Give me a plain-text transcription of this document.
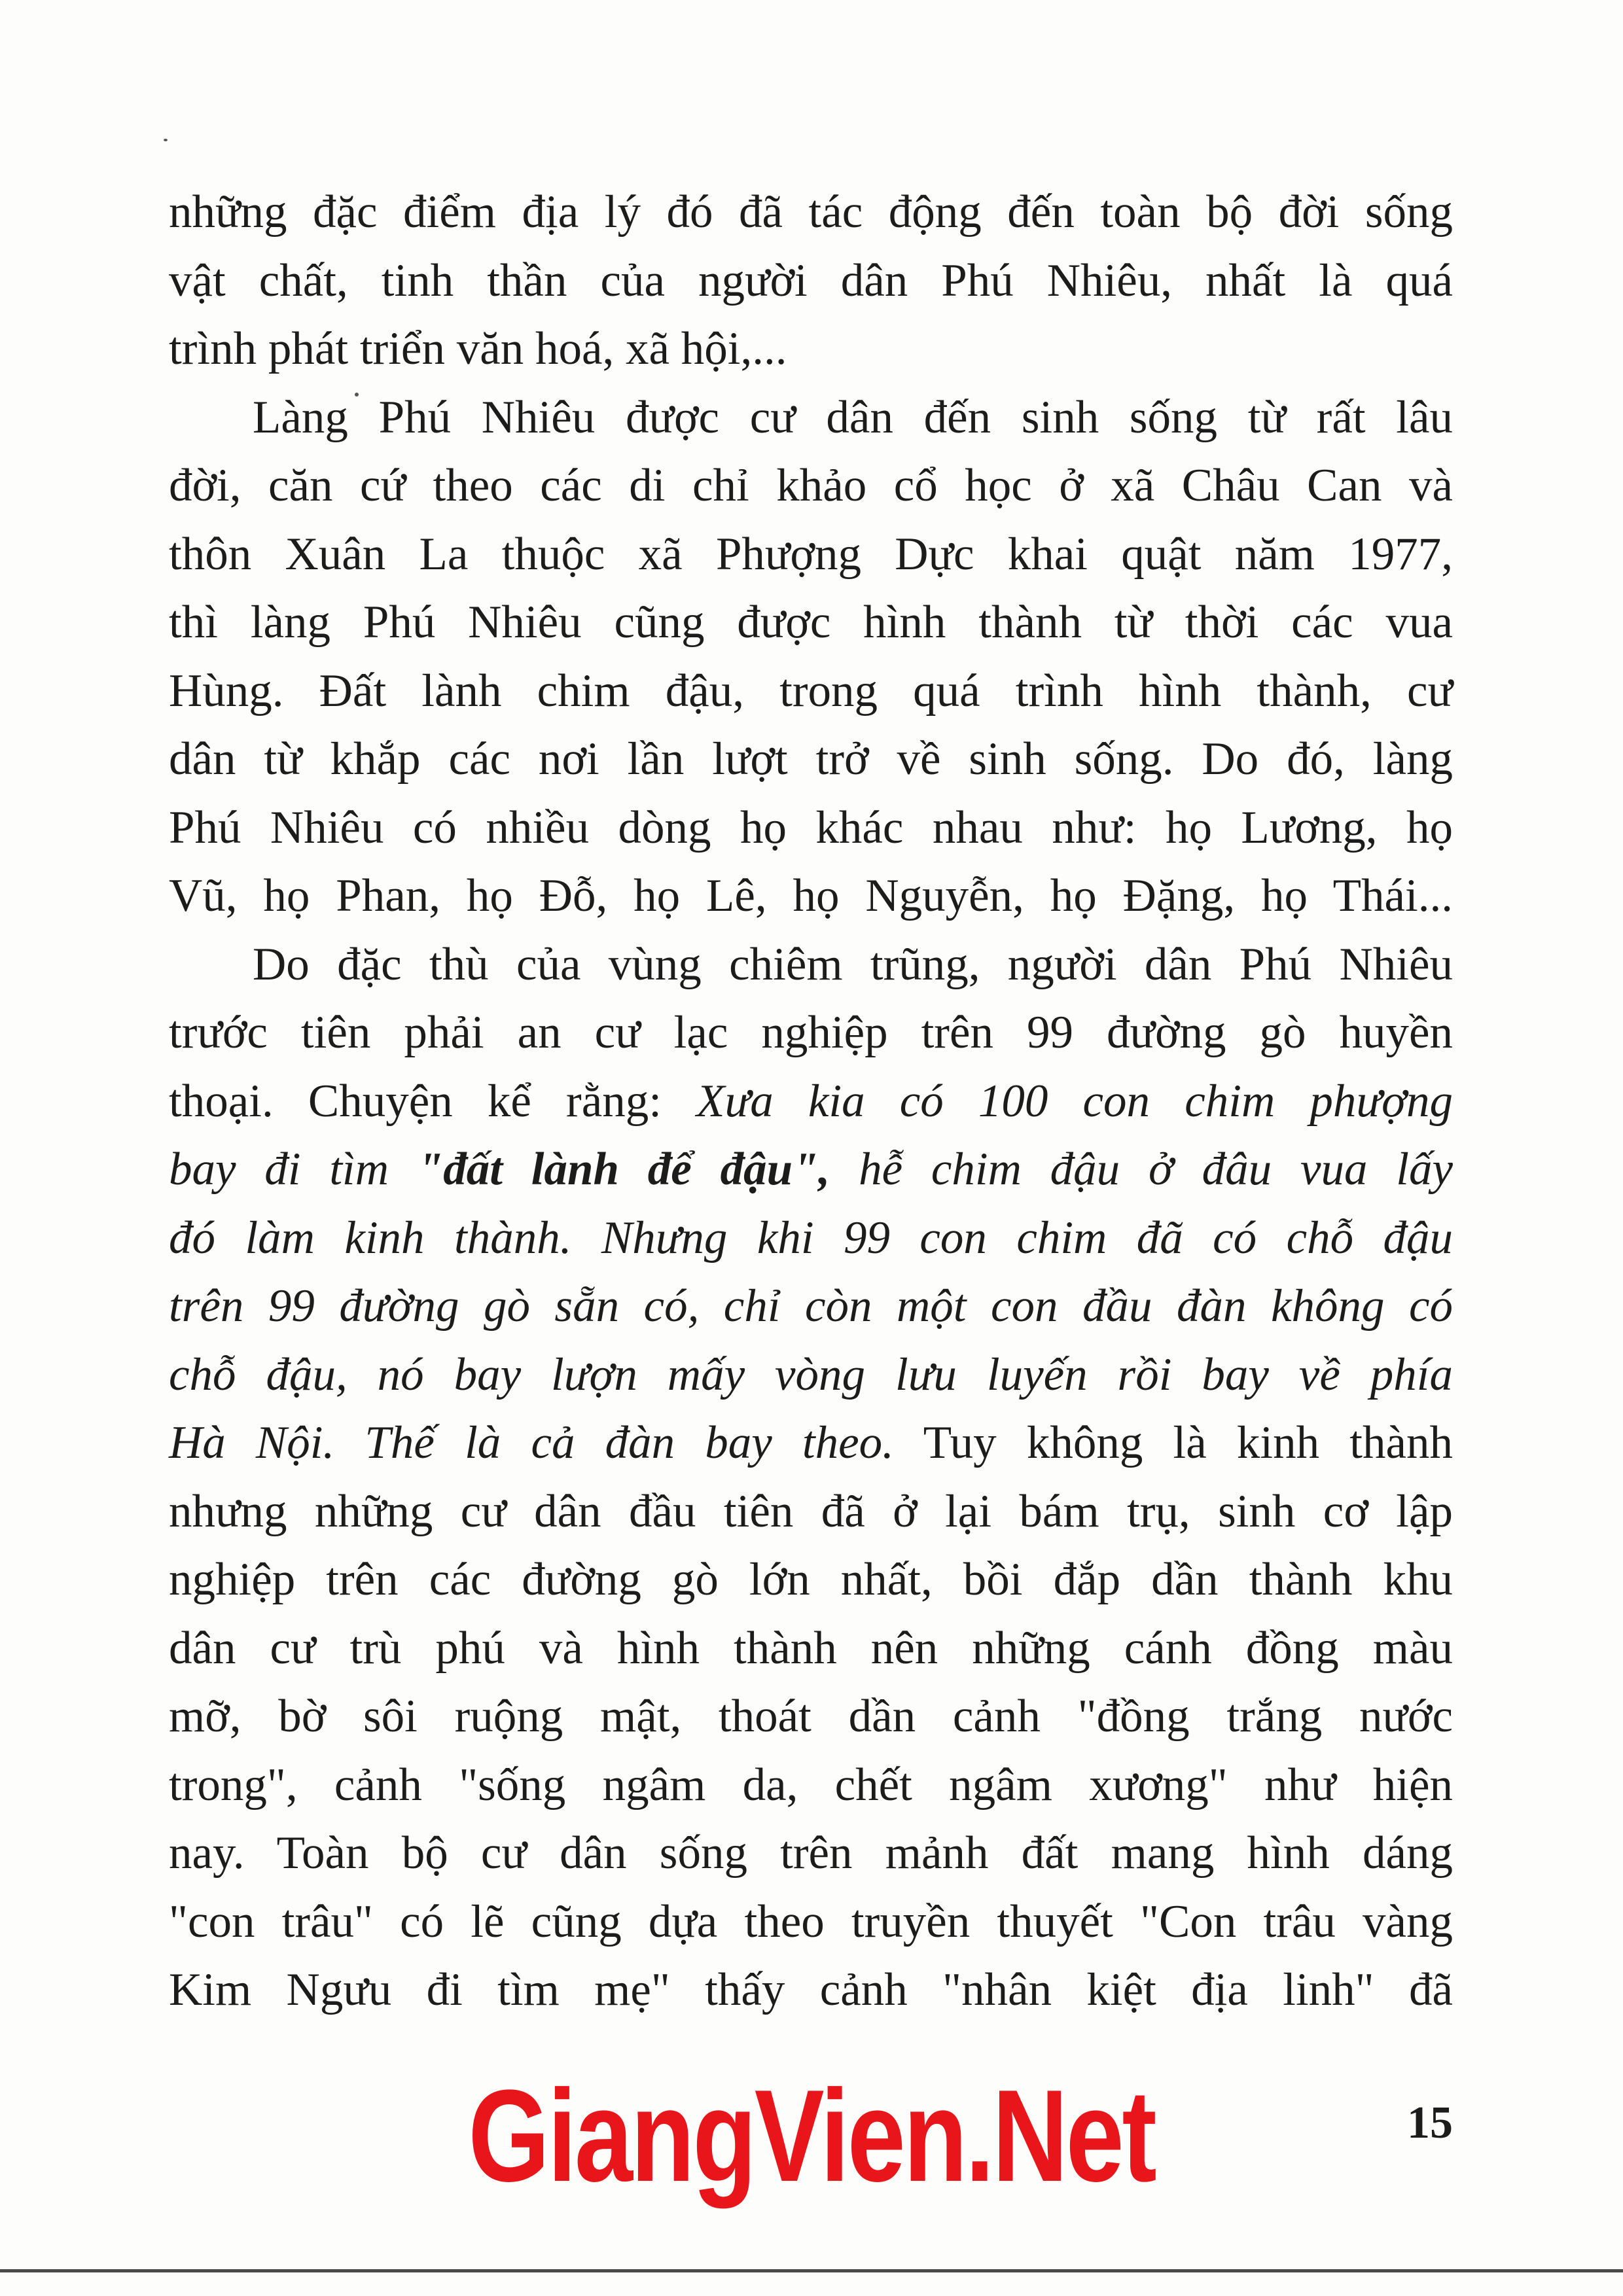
những đặc điểm địa lý đó đã tác động đến toàn bộ đời sống
vật chất, tinh thần của người dân Phú Nhiêu, nhất là quá
trình phát triển văn hoá, xã hội,...
Làng Phú Nhiêu được cư dân đến sinh sống từ rất lâu
đời, căn cứ theo các di chỉ khảo cổ học ở xã Châu Can và
thôn Xuân La thuộc xã Phượng Dực khai quật năm 1977,
thì làng Phú Nhiêu cũng được hình thành từ thời các vua
Hùng. Đất lành chim đậu, trong quá trình hình thành, cư
dân từ khắp các nơi lần lượt trở về sinh sống. Do đó, làng
Phú Nhiêu có nhiều dòng họ khác nhau như: họ Lương, họ
Vũ, họ Phan, họ Đỗ, họ Lê, họ Nguyễn, họ Đặng, họ Thái...
Do đặc thù của vùng chiêm trũng, người dân Phú Nhiêu
trước tiên phải an cư lạc nghiệp trên 99 đường gò huyền
thoại. Chuyện kể rằng: Xưa kia có 100 con chim phượng
bay đi tìm "đất lành để đậu", hễ chim đậu ở đâu vua lấy
đó làm kinh thành. Nhưng khi 99 con chim đã có chỗ đậu
trên 99 đường gò sẵn có, chỉ còn một con đầu đàn không có
chỗ đậu, nó bay lượn mấy vòng lưu luyến rồi bay về phía
Hà Nội. Thế là cả đàn bay theo. Tuy không là kinh thành
nhưng những cư dân đầu tiên đã ở lại bám trụ, sinh cơ lập
nghiệp trên các đường gò lớn nhất, bồi đắp dần thành khu
dân cư trù phú và hình thành nên những cánh đồng màu
mỡ, bờ sôi ruộng mật, thoát dần cảnh "đồng trắng nước
trong", cảnh "sống ngâm da, chết ngâm xương" như hiện
nay. Toàn bộ cư dân sống trên mảnh đất mang hình dáng
"con trâu" có lẽ cũng dựa theo truyền thuyết "Con trâu vàng
Kim Ngưu đi tìm mẹ" thấy cảnh "nhân kiệt địa linh" đã
GiangVien.Net	15
